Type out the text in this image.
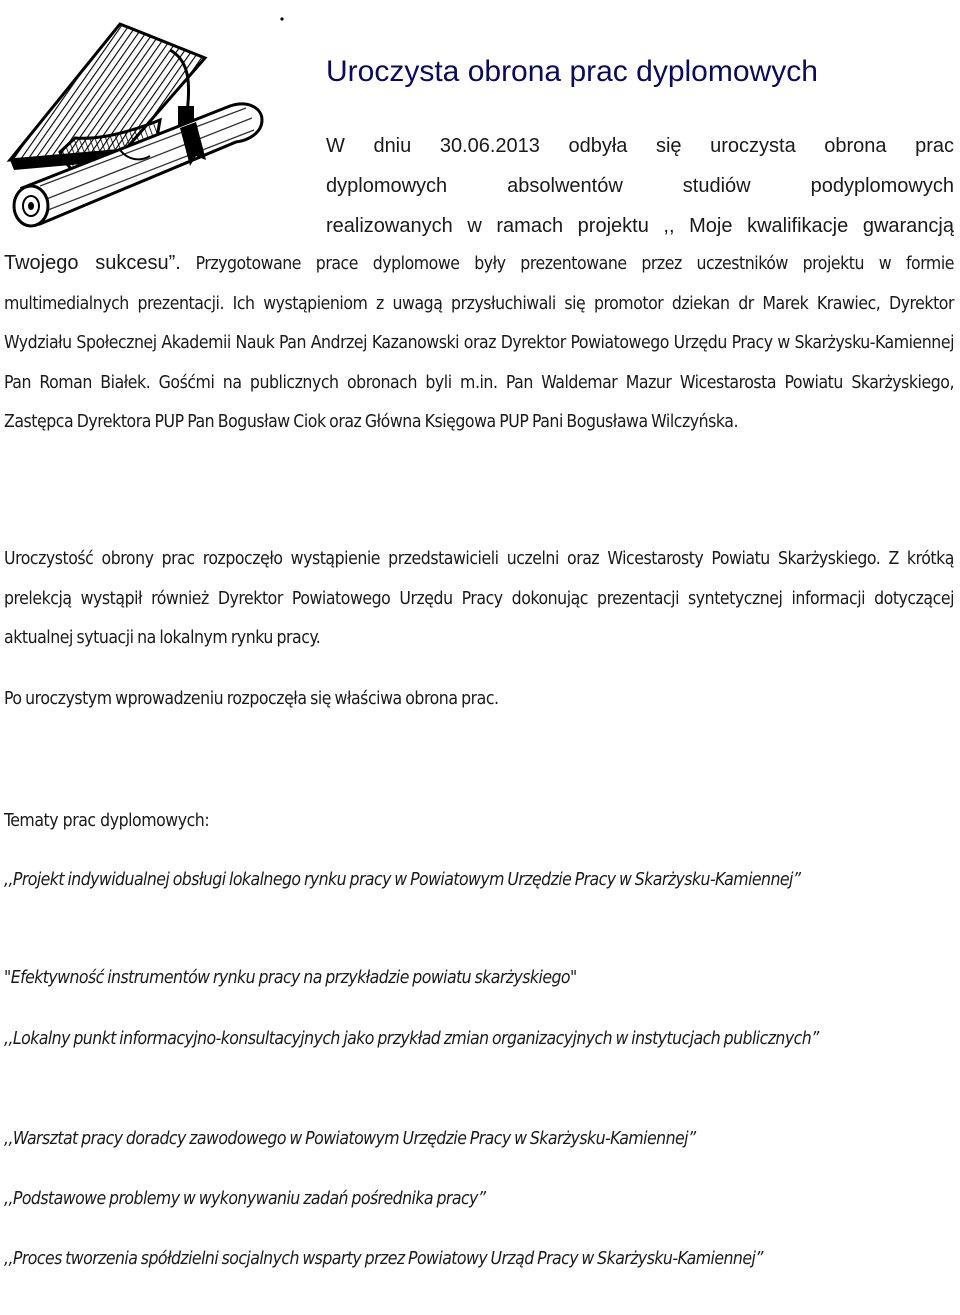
Uroczysta obrona prac dyplomowych
W dniu 30.06.2013 odbyła się uroczysta obrona prac
dyplomowych absolwentów studiów podyplomowych
realizowanych w ramach projektu ,, Moje kwalifikacje gwarancją

Twojego sukcesu”. Przygotowane prace dyplomowe były prezentowane przez uczestników projektu w formie multimedialnych prezentacji. Ich wystąpieniom z uwagą przysłuchiwali się promotor dziekan dr Marek Krawiec, Dyrektor Wydziału Społecznej Akademii Nauk Pan Andrzej Kazanowski oraz Dyrektor Powiatowego Urzędu Pracy w Skarżysku-Kamiennej Pan Roman Białek. Gośćmi na publicznych obronach byli m.in. Pan Waldemar Mazur Wicestarosta Powiatu Skarżyskiego, Zastępca Dyrektora PUP Pan Bogusław Ciok oraz Główna Księgowa PUP Pani Bogusława Wilczyńska.

Uroczystość obrony prac rozpoczęło wystąpienie przedstawicieli uczelni oraz Wicestarosty Powiatu Skarżyskiego. Z krótką prelekcją wystąpił również Dyrektor Powiatowego Urzędu Pracy dokonując prezentacji syntetycznej informacji dotyczącej aktualnej sytuacji na lokalnym rynku pracy.

Po uroczystym wprowadzeniu rozpoczęła się właściwa obrona prac.

Tematy prac dyplomowych:

,,Projekt indywidualnej obsługi lokalnego rynku pracy w Powiatowym Urzędzie Pracy w Skarżysku-Kamiennej”

"Efektywność instrumentów rynku pracy na przykładzie powiatu skarżyskiego"

,,Lokalny punkt informacyjno-konsultacyjnych jako przykład zmian organizacyjnych w instytucjach publicznych”

,,Warsztat pracy doradcy zawodowego w Powiatowym Urzędzie Pracy w Skarżysku-Kamiennej”

,,Podstawowe problemy w wykonywaniu zadań pośrednika pracy”

,,Proces tworzenia spółdzielni socjalnych wsparty przez Powiatowy Urząd Pracy w Skarżysku-Kamiennej”
